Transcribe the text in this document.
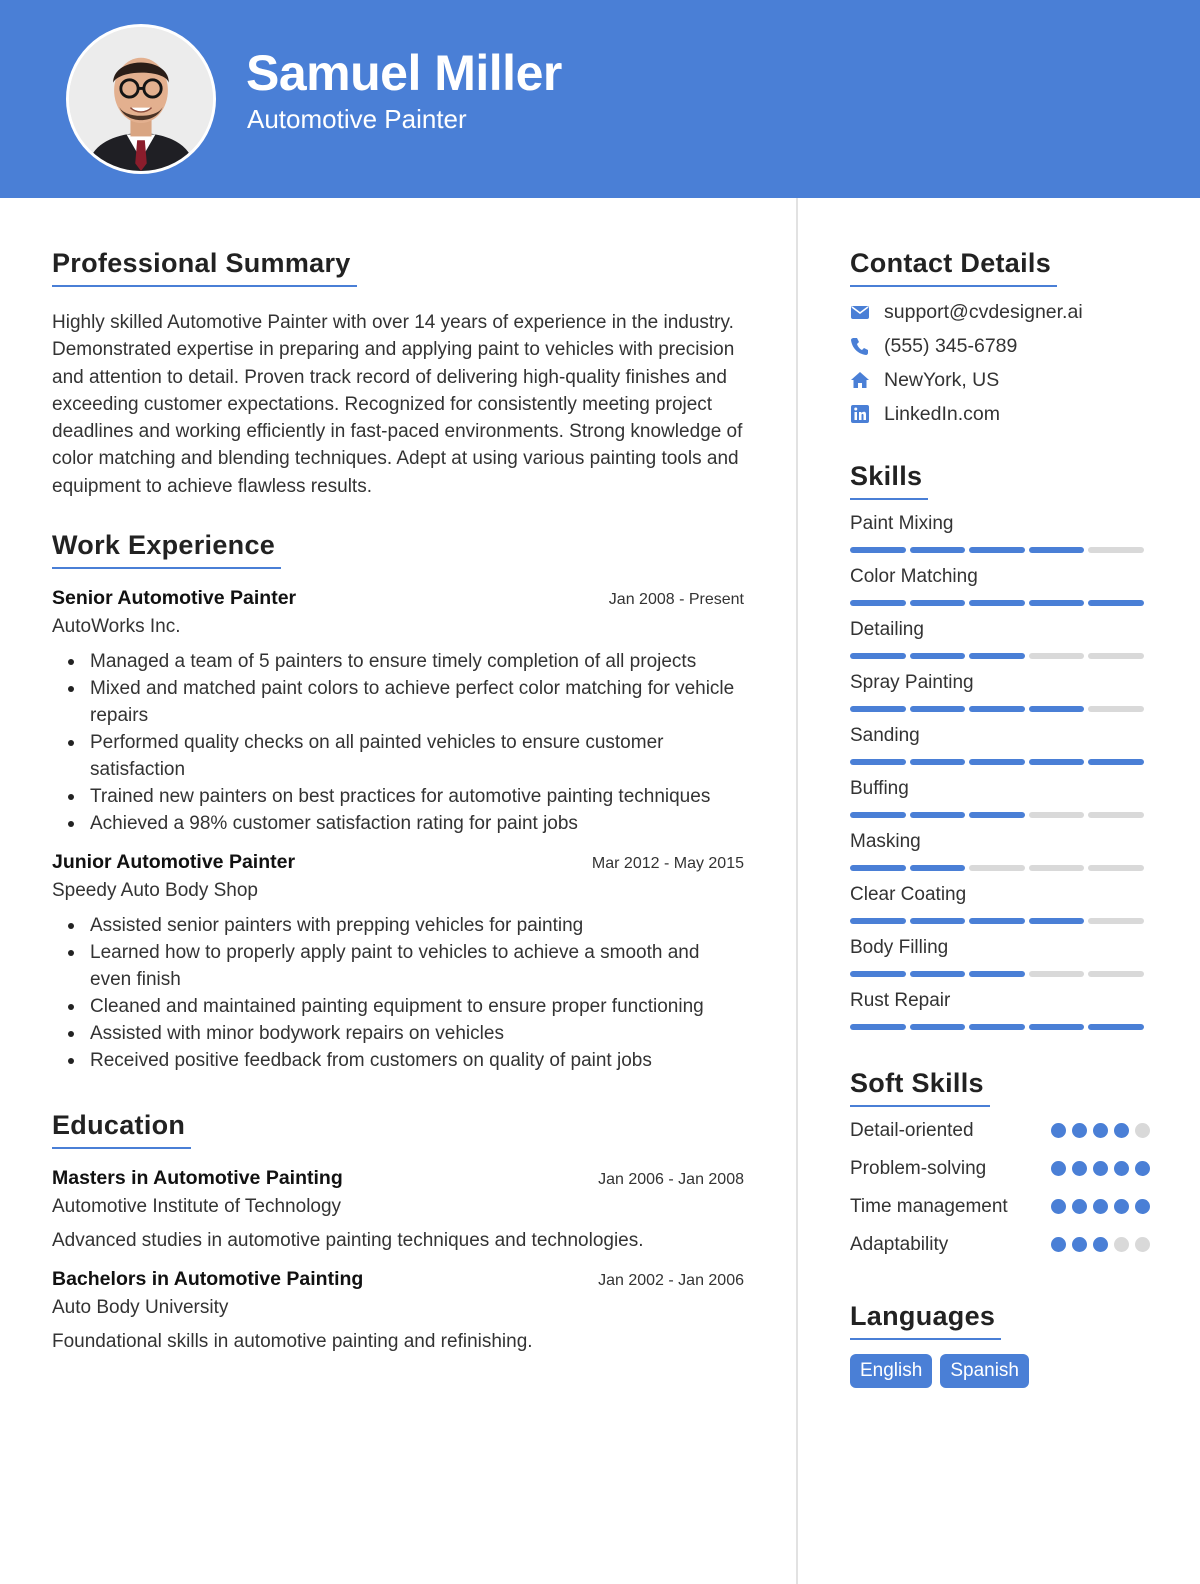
Samuel Miller
Automotive Painter
Professional Summary

Highly skilled Automotive Painter with over 14 years of experience in the industry. Demonstrated expertise in preparing and applying paint to vehicles with precision and attention to detail. Proven track record of delivering high-quality finishes and exceeding customer expectations. Recognized for consistently meeting project deadlines and working efficiently in fast-paced environments. Strong knowledge of color matching and blending techniques. Adept at using various painting tools and equipment to achieve flawless results.

Work Experience
Senior Automotive Painter	Jan 2008 - Present
AutoWorks Inc.
Managed a team of 5 painters to ensure timely completion of all projects
Mixed and matched paint colors to achieve perfect color matching for vehicle repairs
Performed quality checks on all painted vehicles to ensure customer satisfaction
Trained new painters on best practices for automotive painting techniques
Achieved a 98% customer satisfaction rating for paint jobs
Junior Automotive Painter	Mar 2012 - May 2015
Speedy Auto Body Shop
Assisted senior painters with prepping vehicles for painting
Learned how to properly apply paint to vehicles to achieve a smooth and even finish
Cleaned and maintained painting equipment to ensure proper functioning
Assisted with minor bodywork repairs on vehicles
Received positive feedback from customers on quality of paint jobs
Education
Masters in Automotive Painting	Jan 2006 - Jan 2008
Automotive Institute of Technology

Advanced studies in automotive painting techniques and technologies.

Bachelors in Automotive Painting	Jan 2002 - Jan 2006
Auto Body University

Foundational skills in automotive painting and refinishing.

Contact Details
support@cvdesigner.ai
(555) 345-6789
NewYork, US
LinkedIn.com
Skills
Paint Mixing
Color Matching
Detailing
Spray Painting
Sanding
Buffing
Masking
Clear Coating
Body Filling
Rust Repair
Soft Skills
Detail-oriented
Problem-solving
Time management
Adaptability
Languages
English	Spanish
